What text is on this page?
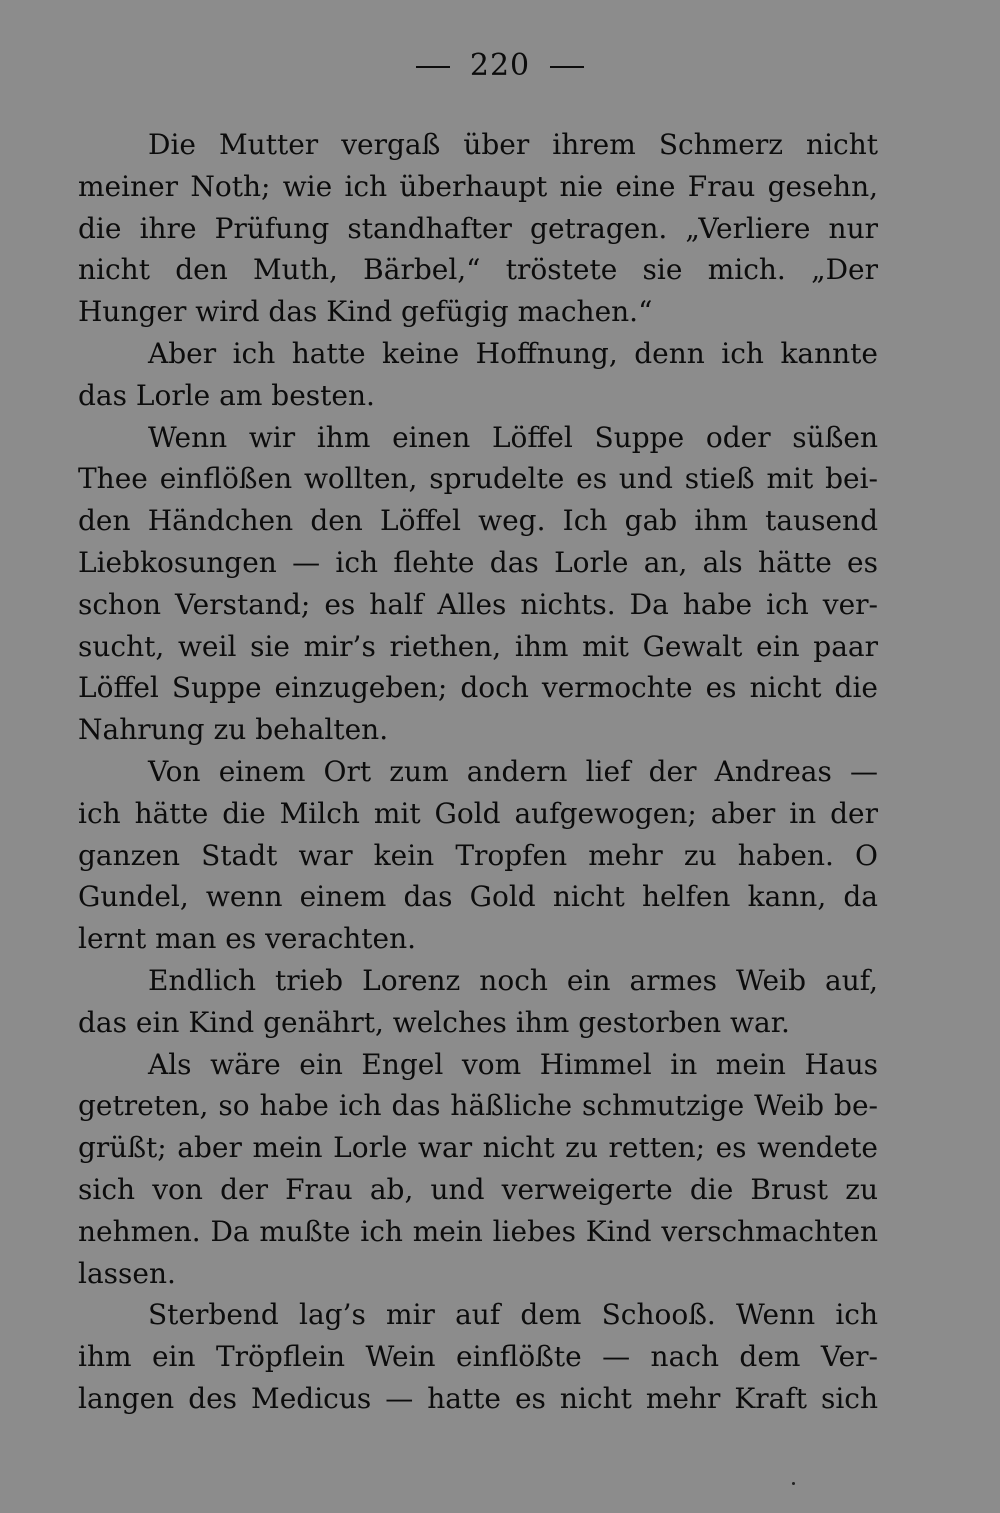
220
Die Mutter vergaß über ihrem Schmerz nicht
meiner Noth; wie ich überhaupt nie eine Frau gesehn,
die ihre Prüfung standhafter getragen. „Verliere nur
nicht den Muth, Bärbel,“ tröstete sie mich. „Der
Hunger wird das Kind gefügig machen.“
Aber ich hatte keine Hoffnung, denn ich kannte
das Lorle am besten.
Wenn wir ihm einen Löffel Suppe oder süßen
Thee einflößen wollten, sprudelte es und stieß mit bei-
den Händchen den Löffel weg. Ich gab ihm tausend
Liebkosungen — ich flehte das Lorle an, als hätte es
schon Verstand; es half Alles nichts. Da habe ich ver-
sucht, weil sie mir’s riethen, ihm mit Gewalt ein paar
Löffel Suppe einzugeben; doch vermochte es nicht die
Nahrung zu behalten.
Von einem Ort zum andern lief der Andreas —
ich hätte die Milch mit Gold aufgewogen; aber in der
ganzen Stadt war kein Tropfen mehr zu haben. O
Gundel, wenn einem das Gold nicht helfen kann, da
lernt man es verachten.
Endlich trieb Lorenz noch ein armes Weib auf,
das ein Kind genährt, welches ihm gestorben war.
Als wäre ein Engel vom Himmel in mein Haus
getreten, so habe ich das häßliche schmutzige Weib be-
grüßt; aber mein Lorle war nicht zu retten; es wendete
sich von der Frau ab, und verweigerte die Brust zu
nehmen. Da mußte ich mein liebes Kind verschmachten
lassen.
Sterbend lag’s mir auf dem Schooß. Wenn ich
ihm ein Tröpflein Wein einflößte — nach dem Ver-
langen des Medicus — hatte es nicht mehr Kraft sich
